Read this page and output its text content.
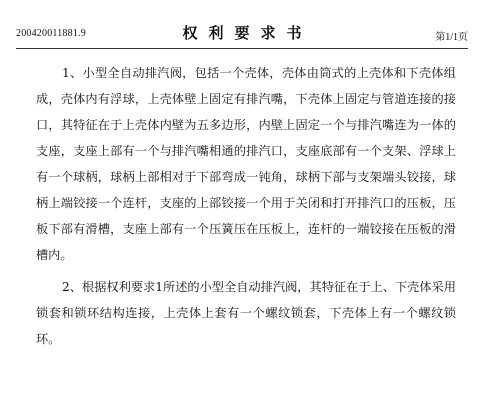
200420011881.9	权利要求书	第1/1页

1、小型全自动排汽阀，包括一个壳体，壳体由筒式的上壳体和下壳体组成，壳体内有浮球，上壳体壁上固定有排汽嘴，下壳体上固定与管道连接的接口，其特征在于上壳体内壁为五多边形，内壁上固定一个与排汽嘴连为一体的支座，支座上部有一个与排汽嘴相通的排汽口，支座底部有一个支架、浮球上有一个球柄，球柄上部相对于下部弯成一钝角，球柄下部与支架端头铰接，球柄上端铰接一个连杆，支座的上部铰接一个用于关闭和打开排汽口的压板，压板下部有滑槽，支座上部有一个压簧压在压板上，连杆的一端铰接在压板的滑槽内。

2、根据权利要求1所述的小型全自动排汽阀，其特征在于上、下壳体采用锁套和锁环结构连接，上壳体上套有一个螺纹锁套，下壳体上有一个螺纹锁环。
